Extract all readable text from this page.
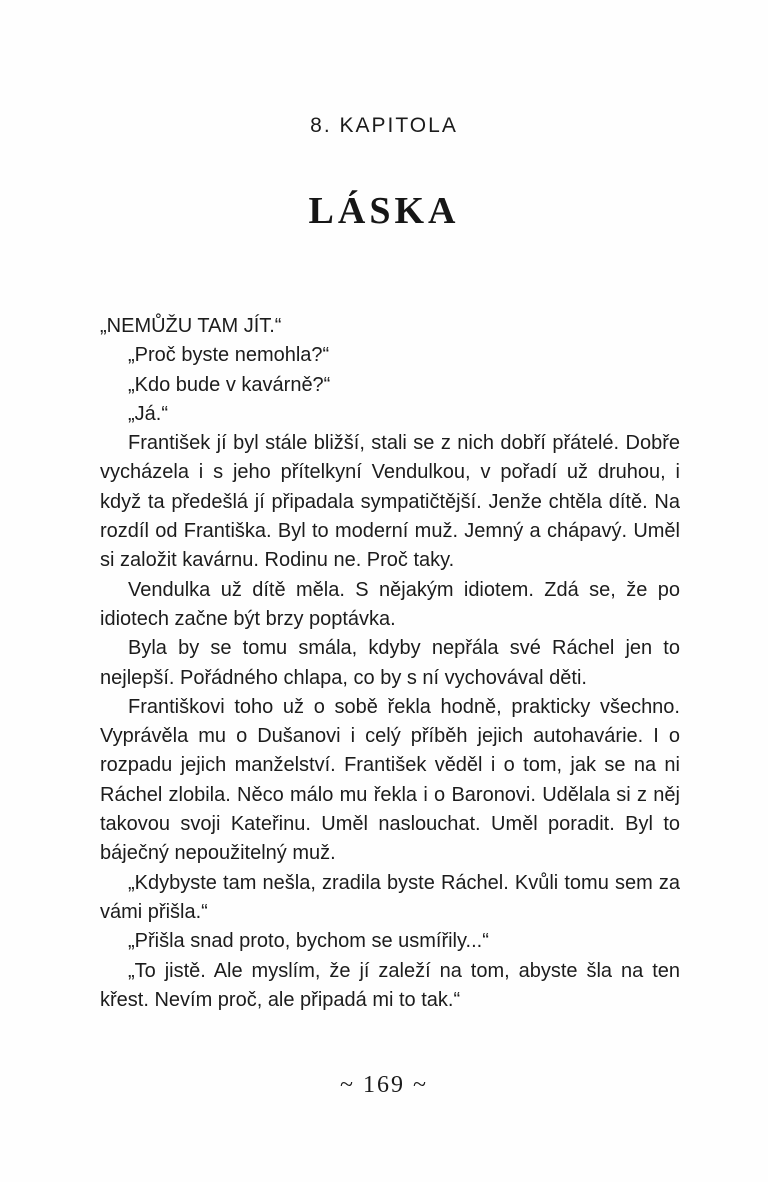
8. KAPITOLA
LÁSKA

„NEMŮŽU TAM JÍT.“

„Proč byste nemohla?“

„Kdo bude v kavárně?“

„Já.“

František jí byl stále bližší, stali se z nich dobří přátelé. Dobře vycházela i s jeho přítelkyní Vendulkou, v pořadí už druhou, i když ta předešlá jí připadala sympatičtější. Jenže chtěla dítě. Na rozdíl od Františka. Byl to moderní muž. Jemný a chápavý. Uměl si založit kavárnu. Rodinu ne. Proč taky.

Vendulka už dítě měla. S nějakým idiotem. Zdá se, že po idiotech začne být brzy poptávka.

Byla by se tomu smála, kdyby nepřála své Ráchel jen to nejlepší. Pořádného chlapa, co by s ní vychovával děti.

Františkovi toho už o sobě řekla hodně, prakticky všechno. Vyprávěla mu o Dušanovi i celý příběh jejich autohavárie. I o rozpadu jejich manželství. František věděl i o tom, jak se na ni Ráchel zlobila. Něco málo mu řekla i o Baronovi. Udělala si z něj takovou svoji Kateřinu. Uměl naslouchat. Uměl poradit. Byl to báječný nepoužitelný muž.

„Kdybyste tam nešla, zradila byste Ráchel. Kvůli tomu sem za vámi přišla.“

„Přišla snad proto, bychom se usmířily...“

„To jistě. Ale myslím, že jí zaleží na tom, abyste šla na ten křest. Nevím proč, ale připadá mi to tak.“

~ 169 ~
